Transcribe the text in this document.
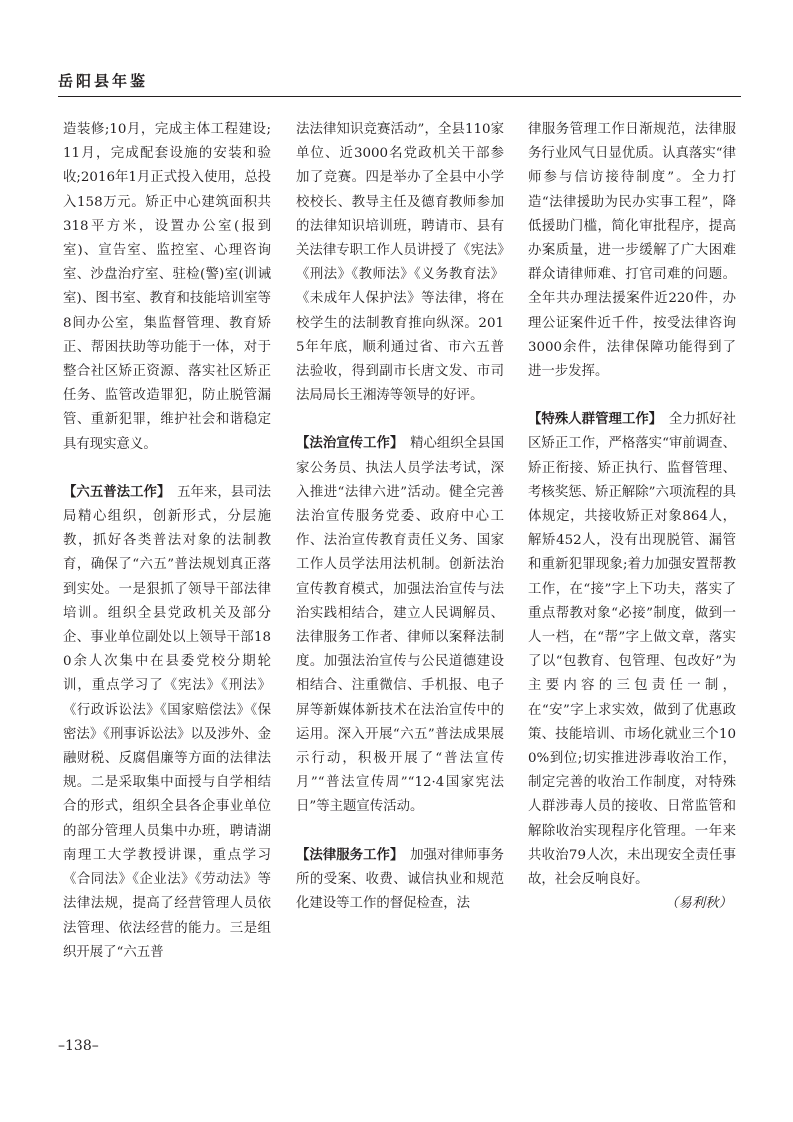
岳阳县年鉴

造装修;10月，完成主体工程建设;11月，完成配套设施的安装和验收;2016年1月正式投入使用，总投入158万元。矫正中心建筑面积共318平方米，设置办公室(报到室)、宣告室、监控室、心理咨询室、沙盘治疗室、驻检(警)室(训诫室)、图书室、教育和技能培训室等8间办公室，集监督管理、教育矫正、帮困扶助等功能于一体，对于整合社区矫正资源、落实社区矫正任务、监管改造罪犯，防止脱管漏管、重新犯罪，维护社会和谐稳定具有现实意义。

【六五普法工作】　 五年来，县司法局精心组织，创新形式，分层施教，抓好各类普法对象的法制教育，确保了“六五”普法规划真正落到实处。一是狠抓了领导干部法律培训。组织全县党政机关及部分企、事业单位副处以上领导干部180余人次集中在县委党校分期轮训，重点学习了《宪法》《刑法》《行政诉讼法》《国家赔偿法》《保密法》《刑事诉讼法》以及涉外、金融财税、反腐倡廉等方面的法律法规。二是采取集中面授与自学相结合的形式，组织全县各企事业单位的部分管理人员集中办班，聘请湖南理工大学教授讲课，重点学习《合同法》《企业法》《劳动法》等法律法规，提高了经营管理人员依法管理、依法经营的能力。三是组织开展了“六五普

法法律知识竞赛活动”，全县110家单位、近3000名党政机关干部参加了竞赛。四是举办了全县中小学校校长、教导主任及德育教师参加的法律知识培训班，聘请市、县有关法律专职工作人员讲授了《宪法》《刑法》《教师法》《义务教育法》《未成年人保护法》等法律，将在校学生的法制教育推向纵深。2015年年底，顺利通过省、市六五普法验收，得到副市长唐文发、市司法局局长王湘涛等领导的好评。

【法治宣传工作】　 精心组织全县国家公务员、执法人员学法考试，深入推进“法律六进”活动。健全完善法治宣传服务党委、政府中心工作、法治宣传教育责任义务、国家工作人员学法用法机制。创新法治宣传教育模式，加强法治宣传与法治实践相结合，建立人民调解员、法律服务工作者、律师以案释法制度。加强法治宣传与公民道德建设相结合、注重微信、手机报、电子屏等新媒体新技术在法治宣传中的运用。深入开展“六五”普法成果展示行动，积极开展了“普法宣传月”“普法宣传周”“12·4国家宪法日”等主题宣传活动。

【法律服务工作】　 加强对律师事务所的受案、收费、诚信执业和规范化建设等工作的督促检查，法

律服务管理工作日渐规范，法律服务行业风气日显优质。认真落实“律师参与信访接待制度”。全力打造“法律援助为民办实事工程”，降低援助门槛，简化审批程序，提高办案质量，进一步缓解了广大困难群众请律师难、打官司难的问题。全年共办理法援案件近220件，办理公证案件近千件，按受法律咨询3000余件，法律保障功能得到了进一步发挥。

【特殊人群管理工作】　 全力抓好社区矫正工作，严格落实“审前调查、矫正衔接、矫正执行、监督管理、考核奖惩、矫正解除”六项流程的具体规定，共接收矫正对象864人，解矫452人，没有出现脱管、漏管和重新犯罪现象;着力加强安置帮教工作，在“接”字上下功夫，落实了重点帮教对象“必接”制度，做到一人一档，在“帮”字上做文章，落实了以“包教育、包管理、包改好”为主要内容的三包责任一制，在“安”字上求实效，做到了优惠政策、技能培训、市场化就业三个100%到位;切实推进涉毒收治工作，制定完善的收治工作制度，对特殊人群涉毒人员的接收、日常监管和解除收治实现程序化管理。一年来共收治79人次，未出现安全责任事故，社会反响良好。

（易利秋）

–138–
